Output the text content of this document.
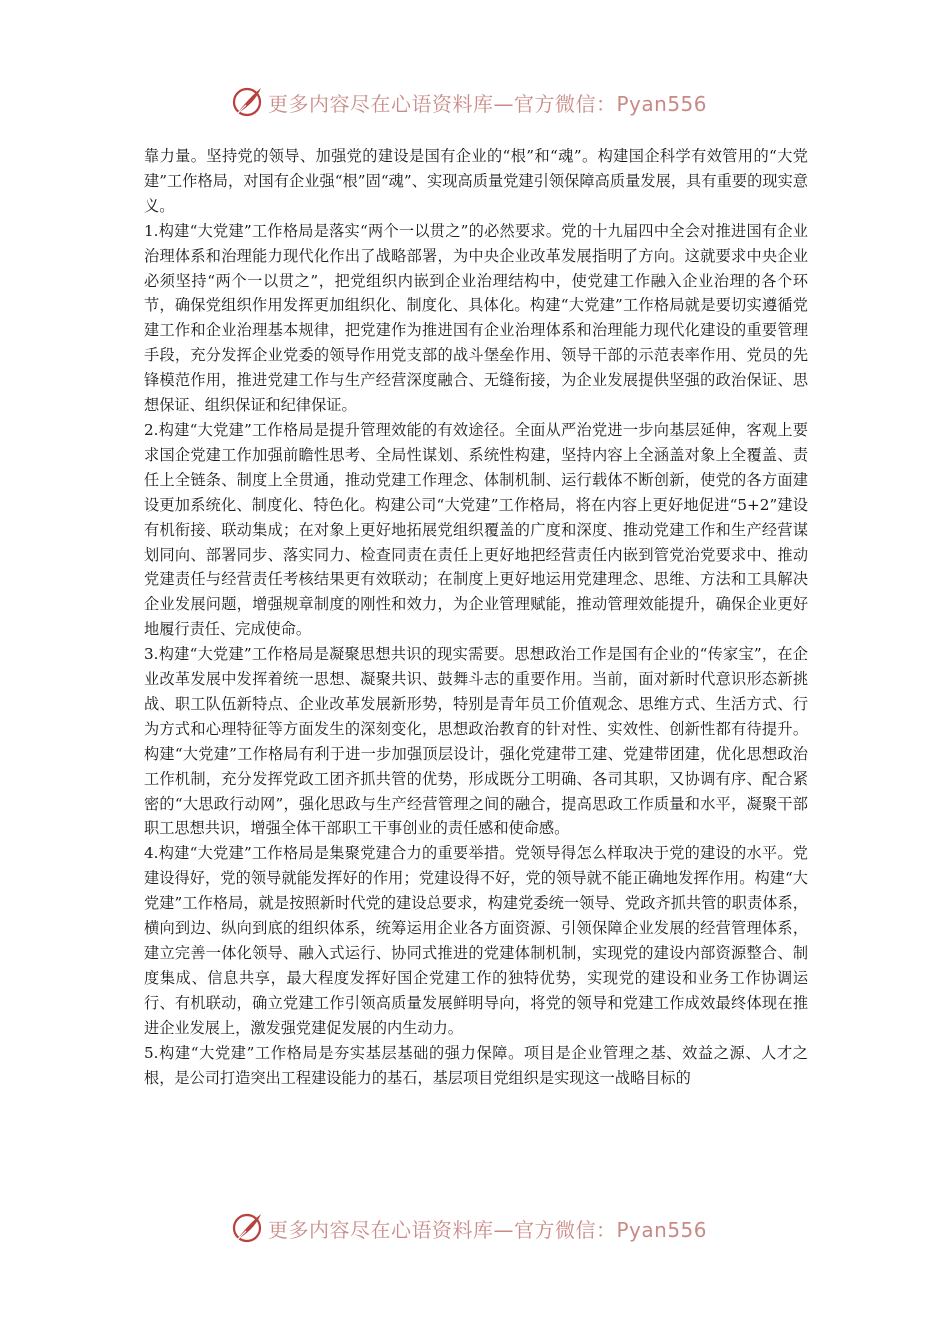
更多内容尽在心语资料库—官方微信：Pyan556

靠力量。坚持党的领导、加强党的建设是国有企业的“根”和“魂”。构建国企科学有效管用的“大党建”工作格局，对国有企业强“根”固“魂”、实现高质量党建引领保障高质量发展，具有重要的现实意义。

1.构建“大党建”工作格局是落实“两个一以贯之”的必然要求。党的十九届四中全会对推进国有企业治理体系和治理能力现代化作出了战略部署，为中央企业改革发展指明了方向。这就要求中央企业必须坚持“两个一以贯之”，把党组织内嵌到企业治理结构中，使党建工作融入企业治理的各个环节，确保党组织作用发挥更加组织化、制度化、具体化。构建“大党建”工作格局就是要切实遵循党建工作和企业治理基本规律，把党建作为推进国有企业治理体系和治理能力现代化建设的重要管理手段，充分发挥企业党委的领导作用党支部的战斗堡垒作用、领导干部的示范表率作用、党员的先锋模范作用，推进党建工作与生产经营深度融合、无缝衔接，为企业发展提供坚强的政治保证、思想保证、组织保证和纪律保证。

2.构建“大党建”工作格局是提升管理效能的有效途径。全面从严治党进一步向基层延伸，客观上要求国企党建工作加强前瞻性思考、全局性谋划、系统性构建，坚持内容上全涵盖对象上全覆盖、责任上全链条、制度上全贯通，推动党建工作理念、体制机制、运行载体不断创新，使党的各方面建设更加系统化、制度化、特色化。构建公司“大党建”工作格局，将在内容上更好地促进“5+2”建设有机衔接、联动集成；在对象上更好地拓展党组织覆盖的广度和深度、推动党建工作和生产经营谋划同向、部署同步、落实同力、检查同责在责任上更好地把经营责任内嵌到管党治党要求中、推动党建责任与经营责任考核结果更有效联动；在制度上更好地运用党建理念、思维、方法和工具解决企业发展问题，增强规章制度的刚性和效力，为企业管理赋能，推动管理效能提升，确保企业更好地履行责任、完成使命。

3.构建“大党建”工作格局是凝聚思想共识的现实需要。思想政治工作是国有企业的“传家宝”，在企业改革发展中发挥着统一思想、凝聚共识、鼓舞斗志的重要作用。当前，面对新时代意识形态新挑战、职工队伍新特点、企业改革发展新形势，特别是青年员工价值观念、思维方式、生活方式、行为方式和心理特征等方面发生的深刻变化，思想政治教育的针对性、实效性、创新性都有待提升。构建“大党建”工作格局有利于进一步加强顶层设计，强化党建带工建、党建带团建，优化思想政治工作机制，充分发挥党政工团齐抓共管的优势，形成既分工明确、各司其职，又协调有序、配合紧密的“大思政行动网”，强化思政与生产经营管理之间的融合，提高思政工作质量和水平，凝聚干部职工思想共识，增强全体干部职工干事创业的责任感和使命感。

4.构建“大党建”工作格局是集聚党建合力的重要举措。党领导得怎么样取决于党的建设的水平。党建设得好，党的领导就能发挥好的作用；党建设得不好，党的领导就不能正确地发挥作用。构建“大党建”工作格局，就是按照新时代党的建设总要求，构建党委统一领导、党政齐抓共管的职责体系，横向到边、纵向到底的组织体系，统筹运用企业各方面资源、引领保障企业发展的经营管理体系，建立完善一体化领导、融入式运行、协同式推进的党建体制机制，实现党的建设内部资源整合、制度集成、信息共享，最大程度发挥好国企党建工作的独特优势，实现党的建设和业务工作协调运行、有机联动，确立党建工作引领高质量发展鲜明导向，将党的领导和党建工作成效最终体现在推进企业发展上，激发强党建促发展的内生动力。

5.构建“大党建”工作格局是夯实基层基础的强力保障。项目是企业管理之基、效益之源、人才之根，是公司打造突出工程建设能力的基石，基层项目党组织是实现这一战略目标的

更多内容尽在心语资料库—官方微信：Pyan556
